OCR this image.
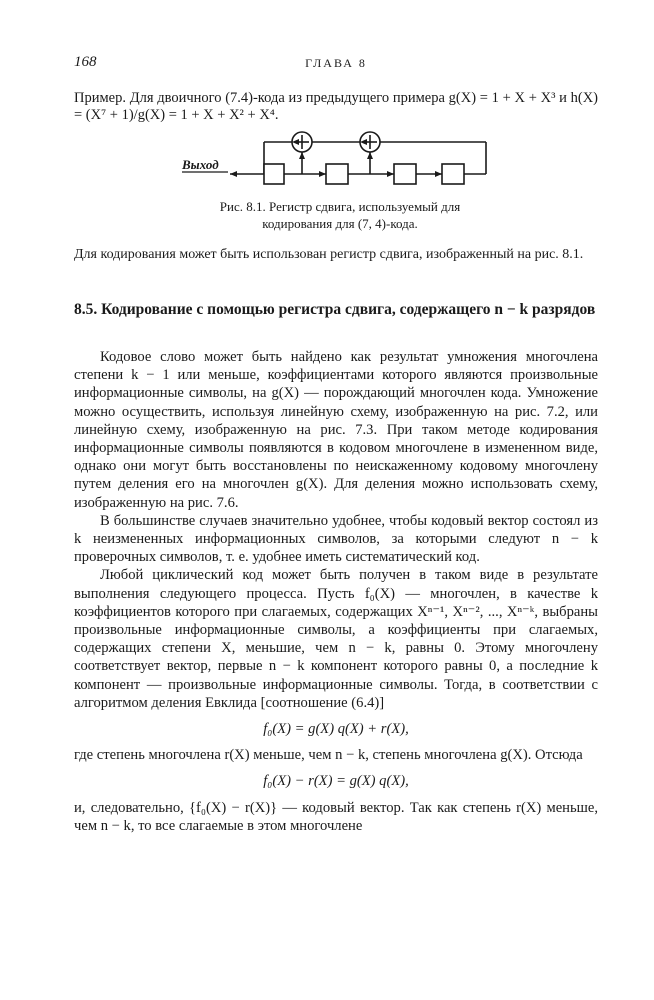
168	ГЛАВА 8

Пример. Для двоичного (7.4)-кода из предыдущего примера g(X) = 1 + X + X³ и h(X) = (X⁷ + 1)/g(X) = 1 + X + X² + X⁴.

Выход
Рис. 8.1. Регистр сдвига, используемый для
кодирования для (7, 4)-кода.

Для кодирования может быть использован регистр сдвига, изображенный на рис. 8.1.

8.5. Кодирование с помощью регистра сдвига, содержащего n − k разрядов

Кодовое слово может быть найдено как результат умножения многочлена степени k − 1 или меньше, коэффициентами которого являются произвольные информационные символы, на g(X) — порождающий многочлен кода. Умножение можно осуществить, используя линейную схему, изображенную на рис. 7.2, или линейную схему, изображенную на рис. 7.3. При таком методе кодирования информационные символы появляются в кодовом многочлене в измененном виде, однако они могут быть восстановлены по неискаженному кодовому многочлену путем деления его на многочлен g(X). Для деления можно использовать схему, изображенную на рис. 7.6.

В большинстве случаев значительно удобнее, чтобы кодовый вектор состоял из k неизмененных информационных символов, за которыми следуют n − k проверочных символов, т. е. удобнее иметь систематический код.

Любой циклический код может быть получен в таком виде в результате выполнения следующего процесса. Пусть f₀(X) — многочлен, в качестве k коэффициентов которого при слагаемых, содержащих Xⁿ⁻¹, Xⁿ⁻², ..., Xⁿ⁻ᵏ, выбраны произвольные информационные символы, а коэффициенты при слагаемых, содержащих степени X, меньшие, чем n − k, равны 0. Этому многочлену соответствует вектор, первые n − k компонент которого равны 0, а последние k компонент — произвольные информационные символы. Тогда, в соответствии с алгоритмом деления Евклида [соотношение (6.4)]

f₀(X) = g(X) q(X) + r(X),

где степень многочлена r(X) меньше, чем n − k, степень многочлена g(X). Отсюда

f₀(X) − r(X) = g(X) q(X),

и, следовательно, {f₀(X) − r(X)} — кодовый вектор. Так как степень r(X) меньше, чем n − k, то все слагаемые в этом многочлене
